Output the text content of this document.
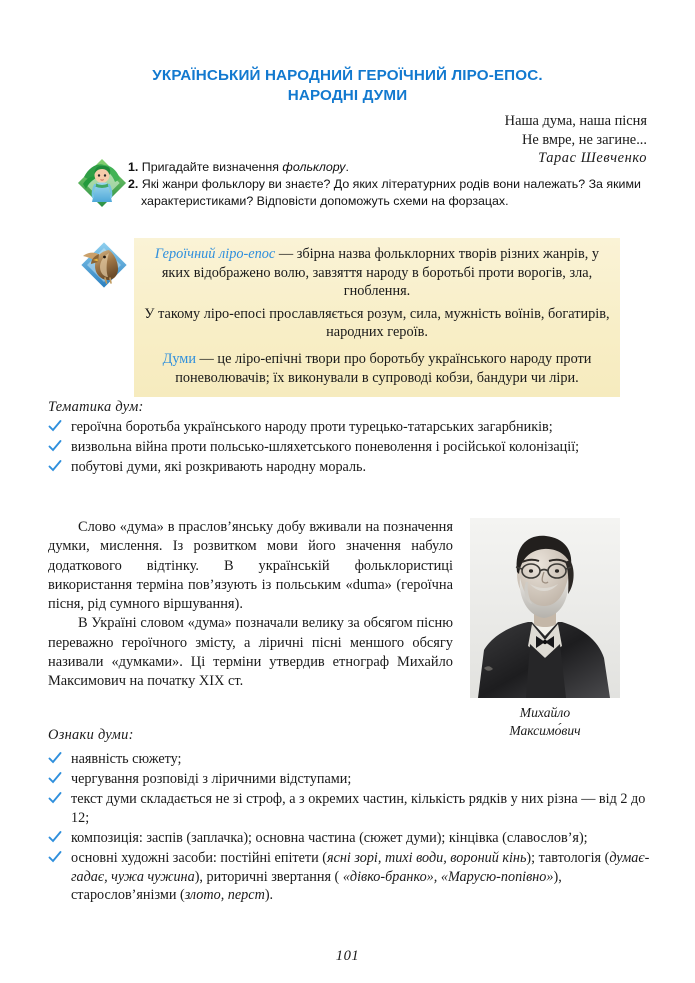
УКРАЇНСЬКИЙ НАРОДНИЙ ГЕРОЇЧНИЙ ЛІРО-ЕПОС.
НАРОДНІ ДУМИ
Наша дума, наша пісня
Не вмре, не загине...
Тарас Шевченко
1. Пригадайте визначення фольклору.
2. Які жанри фольклору ви знаєте? До яких літературних родів вони належать? За якими характеристиками? Відповісти допоможуть схеми на форзацах.

Героїчний ліро-епос — збірна назва фольклорних творів різних жанрів, у яких відображено волю, завзяття народу в боротьбі проти ворогів, зла, гноблення.

У такому ліро-епосі прославляється розум, сила, мужність воїнів, богатирів, народних героїв.

Думи — це ліро-епічні твори про боротьбу українського народу проти поневолювачів; їх виконували в супроводі кобзи, бандури чи ліри.

Тематика дум:
героїчна боротьба українського народу проти турецько-татарських загарбників;
визвольна війна проти польсько-шляхетського поневолення і російської колонізації;
побутові думи, які розкривають народну мораль.

Слово «дума» в праслов’янську добу вживали на позначення думки, мислення. Із розвитком мови його значення набуло додаткового відтінку. В українській фольклористиці використання терміна пов’язують із польським «duma» (героїчна пісня, рід сумного віршування).

В Україні словом «дума» позначали велику за обсягом пісню переважно героїчного змісту, а ліричні пісні меншого обсягу називали «думками». Ці терміни утвердив етнограф Михайло Максимович на початку XIX ст.

Михайло
Максимо́вич
Ознаки думи:
наявність сюжету;
чергування розповіді з ліричними відступами;
текст думи складається не зі строф, а з окремих частин, кількість рядків у них різна — від 2 до 12;
композиція: заспів (заплачка); основна частина (сюжет думи); кінцівка (славослов’я);
основні художні засоби: постійні епітети (ясні зорі, тихі води, вороний кінь); тавтологія (думає-гадає, чужа чужина), риторичні звертання ( «дівко-бранко», «Марусю-попівно»), старослов’янізми (злото, перст).
101
